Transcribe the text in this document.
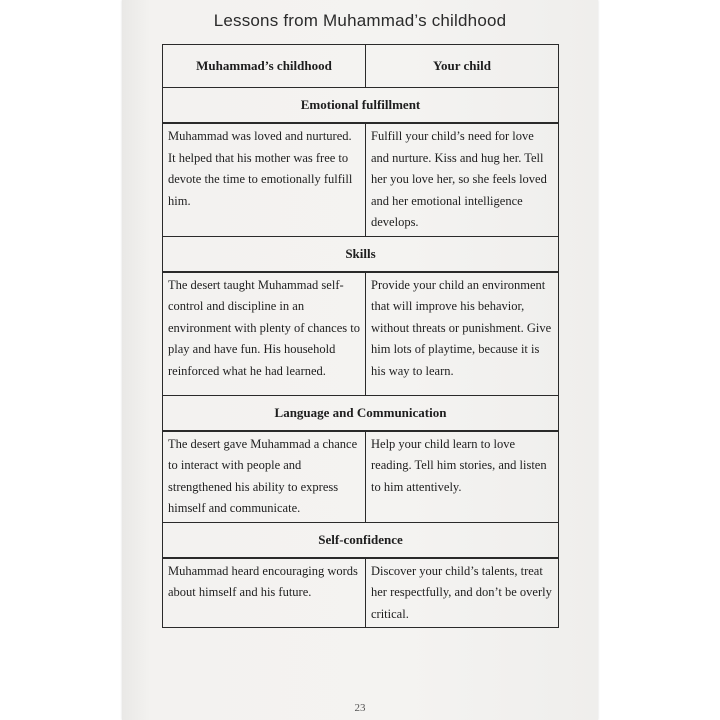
Lessons from Muhammad’s childhood
Muhammad’s childhood	Your child
Emotional fulfillment	
Muhammad was loved and nurtured. It helped that his mother was free to devote the time to emotionally fulfill him.	Fulfill your child’s need for love and nurture. Kiss and hug her. Tell her you love her, so she feels loved and her emotional intelligence develops.
Skills	
The desert taught Muhammad self-control and discipline in an environment with plenty of chances to play and have fun. His household reinforced what he had learned.	Provide your child an environment that will improve his behavior, without threats or punishment. Give him lots of playtime, because it is his way to learn.
Language and Communication	
The desert gave Muhammad a chance to interact with people and strengthened his ability to express himself and communicate.	Help your child learn to love reading. Tell him stories, and listen to him attentively.
Self-confidence	
Muhammad heard encouraging words about himself and his future.	Discover your child’s talents, treat her respectfully, and don’t be overly critical.
23
